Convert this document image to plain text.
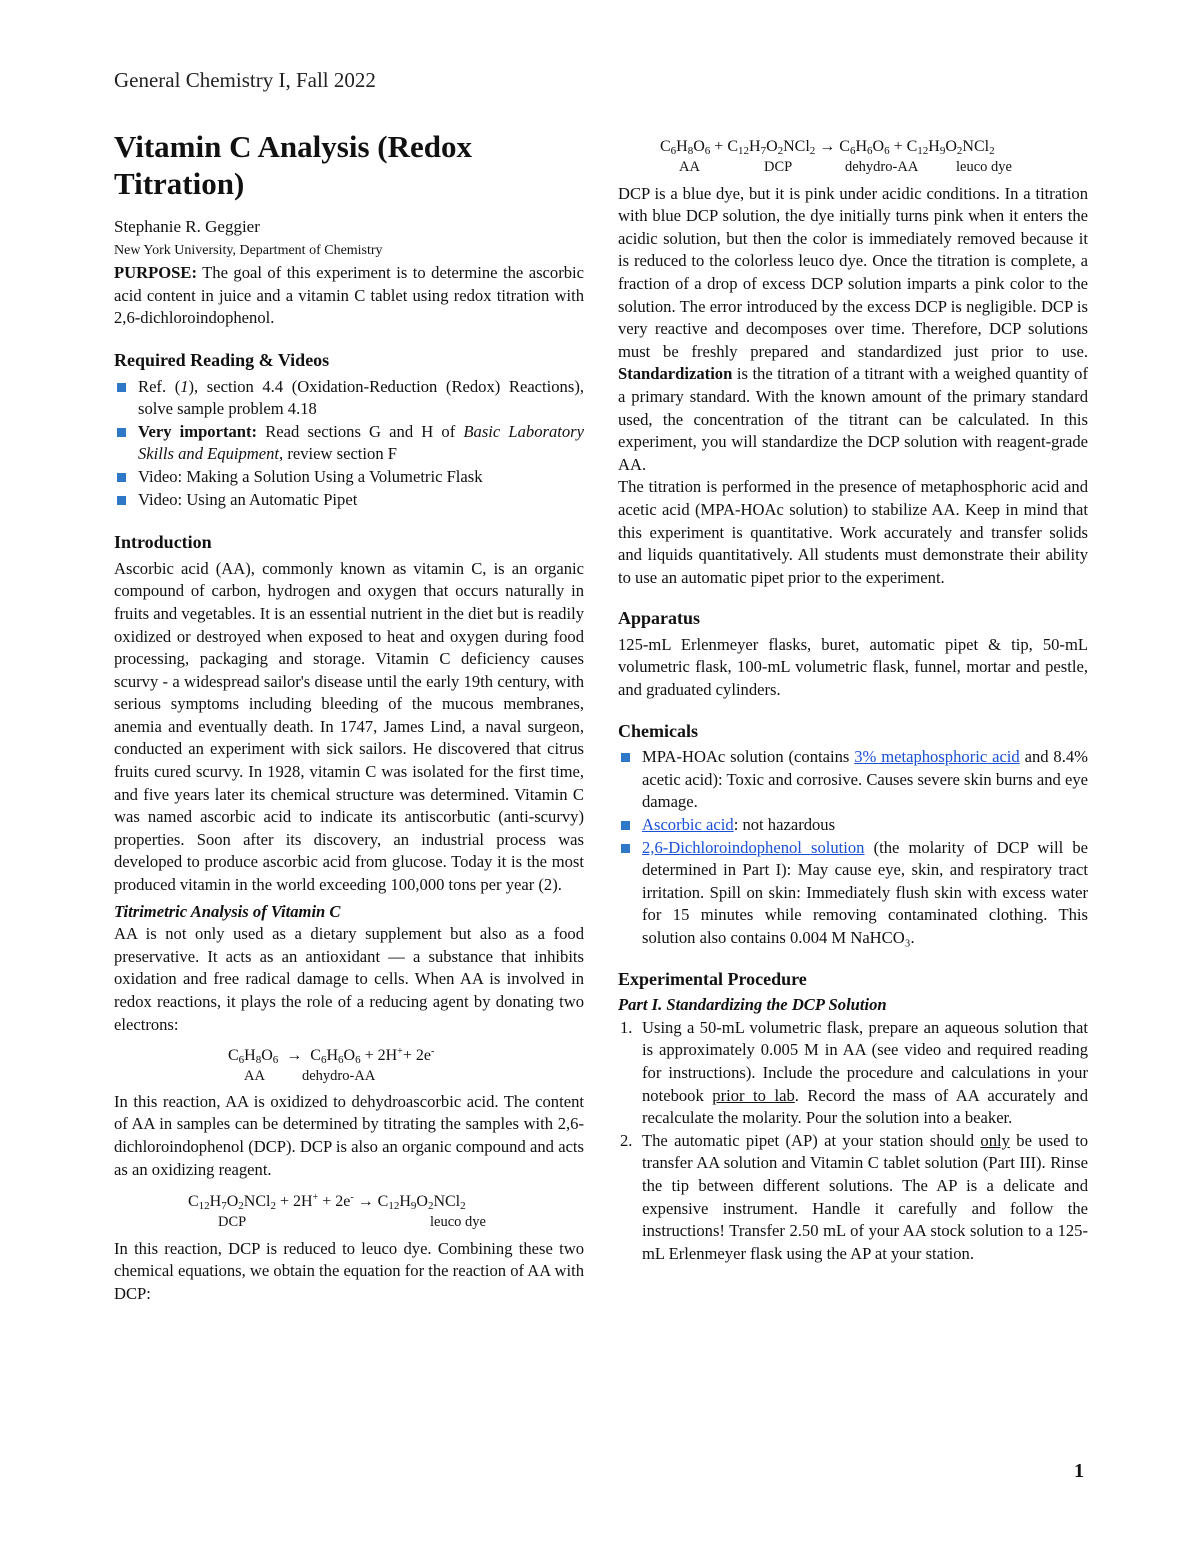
General Chemistry I, Fall 2022
Vitamin C Analysis (Redox Titration)
Stephanie R. Geggier
New York University, Department of Chemistry

PURPOSE: The goal of this experiment is to determine the ascorbic acid content in juice and a vitamin C tablet using redox titration with 2,6-dichloroindophenol.

Required Reading & Videos
Ref. (1), section 4.4 (Oxidation-Reduction (Redox) Reactions), solve sample problem 4.18
Very important: Read sections G and H of Basic Laboratory Skills and Equipment, review section F
Video: Making a Solution Using a Volumetric Flask
Video: Using an Automatic Pipet
Introduction

Ascorbic acid (AA), commonly known as vitamin C, is an organic compound of carbon, hydrogen and oxygen that occurs naturally in fruits and vegetables. It is an essential nutrient in the diet but is readily oxidized or destroyed when exposed to heat and oxygen during food processing, packaging and storage. Vitamin C deficiency causes scurvy - a widespread sailor's disease until the early 19th century, with serious symptoms including bleeding of the mucous membranes, anemia and eventually death. In 1747, James Lind, a naval surgeon, conducted an experiment with sick sailors. He discovered that citrus fruits cured scurvy. In 1928, vitamin C was isolated for the first time, and five years later its chemical structure was determined. Vitamin C was named ascorbic acid to indicate its antiscorbutic (anti-scurvy) properties. Soon after its discovery, an industrial process was developed to produce ascorbic acid from glucose. Today it is the most produced vitamin in the world exceeding 100,000 tons per year (2).

Titrimetric Analysis of Vitamin C

AA is not only used as a dietary supplement but also as a food preservative. It acts as an antioxidant — a substance that inhibits oxidation and free radical damage to cells. When AA is involved in redox reactions, it plays the role of a reducing agent by donating two electrons:

$C_6H_8O_6 \to C_6H_6O_6 + 2H^++ 2e^-$
AA	dehydro-AA

In this reaction, AA is oxidized to dehydroascorbic acid. The content of AA in samples can be determined by titrating the samples with 2,6-dichloroindophenol (DCP). DCP is also an organic compound and acts as an oxidizing reagent.

$C_{12}H_7O_2NCl_2 + 2H^+ + 2e^- \to C_{12}H_9O_2NCl_2$
DCP	leuco dye

In this reaction, DCP is reduced to leuco dye. Combining these two chemical equations, we obtain the equation for the reaction of AA with DCP:

$C_6H_8O_6 + C_{12}H_7O_2NCl_2 \to C_6H_6O_6 + C_{12}H_9O_2NCl_2$
AA	DCP	dehydro-AA	leuco dye

DCP is a blue dye, but it is pink under acidic conditions. In a titration with blue DCP solution, the dye initially turns pink when it enters the acidic solution, but then the color is immediately removed because it is reduced to the colorless leuco dye. Once the titration is complete, a fraction of a drop of excess DCP solution imparts a pink color to the solution. The error introduced by the excess DCP is negligible. DCP is very reactive and decomposes over time. Therefore, DCP solutions must be freshly prepared and standardized just prior to use. Standardization is the titration of a titrant with a weighed quantity of a primary standard. With the known amount of the primary standard used, the concentration of the titrant can be calculated. In this experiment, you will standardize the DCP solution with reagent-grade AA.

The titration is performed in the presence of metaphosphoric acid and acetic acid (MPA-HOAc solution) to stabilize AA. Keep in mind that this experiment is quantitative. Work accurately and transfer solids and liquids quantitatively. All students must demonstrate their ability to use an automatic pipet prior to the experiment.

Apparatus

125-mL Erlenmeyer flasks, buret, automatic pipet & tip, 50-mL volumetric flask, 100-mL volumetric flask, funnel, mortar and pestle, and graduated cylinders.

Chemicals
MPA-HOAc solution (contains 3% metaphosphoric acid and 8.4% acetic acid): Toxic and corrosive. Causes severe skin burns and eye damage.
Ascorbic acid: not hazardous
2,6-Dichloroindophenol solution (the molarity of DCP will be determined in Part I): May cause eye, skin, and respiratory tract irritation. Spill on skin: Immediately flush skin with excess water for 15 minutes while removing contaminated clothing. This solution also contains 0.004 M NaHCO₃.
Experimental Procedure
Part I. Standardizing the DCP Solution
1. Using a 50-mL volumetric flask, prepare an aqueous solution that is approximately 0.005 M in AA (see video and required reading for instructions). Include the procedure and calculations in your notebook prior to lab. Record the mass of AA accurately and recalculate the molarity. Pour the solution into a beaker.
2. The automatic pipet (AP) at your station should only be used to transfer AA solution and Vitamin C tablet solution (Part III). Rinse the tip between different solutions. The AP is a delicate and expensive instrument. Handle it carefully and follow the instructions! Transfer 2.50 mL of your AA stock solution to a 125-mL Erlenmeyer flask using the AP at your station.
1
